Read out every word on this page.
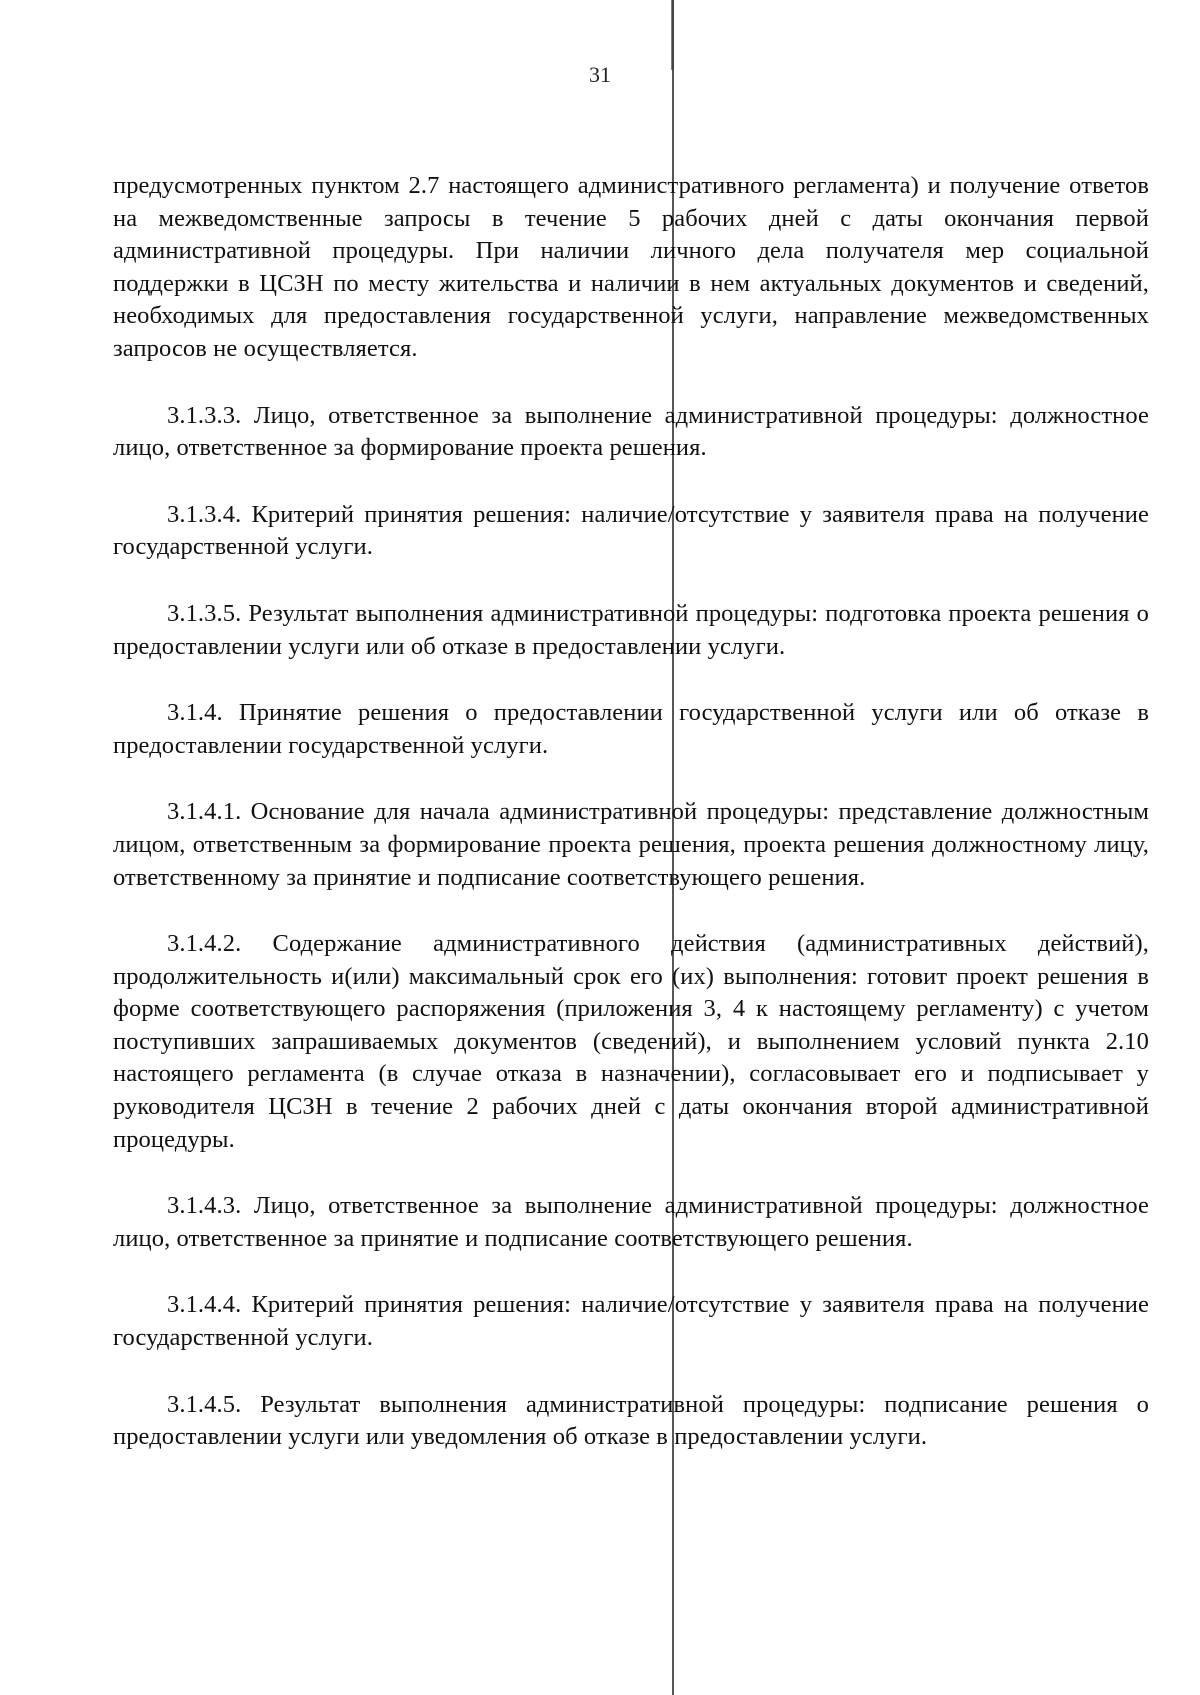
31

предусмотренных пунктом 2.7 настоящего административного регламента) и получение ответов на межведомственные запросы в течение 5 рабочих дней с даты окончания первой административной процедуры. При наличии личного дела получателя мер социальной поддержки в ЦСЗН по месту жительства и наличии в нем актуальных документов и сведений, необходимых для предоставления государственной услуги, направление межведомственных запросов не осуществляется.

3.1.3.3. Лицо, ответственное за выполнение административной процедуры: должностное лицо, ответственное за формирование проекта решения.

3.1.3.4. Критерий принятия решения: наличие/отсутствие у заявителя права на получение государственной услуги.

3.1.3.5. Результат выполнения административной процедуры: подготовка проекта решения о предоставлении услуги или об отказе в предоставлении услуги.

3.1.4. Принятие решения о предоставлении государственной услуги или об отказе в предоставлении государственной услуги.

3.1.4.1. Основание для начала административной процедуры: представление должностным лицом, ответственным за формирование проекта решения, проекта решения должностному лицу, ответственному за принятие и подписание соответствующего решения.

3.1.4.2. Содержание административного действия (административных действий), продолжительность и(или) максимальный срок его (их) выполнения: готовит проект решения в форме соответствующего распоряжения (приложения 3, 4 к настоящему регламенту) с учетом поступивших запрашиваемых документов (сведений), и выполнением условий пункта 2.10 настоящего регламента (в случае отказа в назначении), согласовывает его и подписывает у руководителя ЦСЗН в течение 2 рабочих дней с даты окончания второй административной процедуры.

3.1.4.3. Лицо, ответственное за выполнение административной процедуры: должностное лицо, ответственное за принятие и подписание соответствующего решения.

3.1.4.4. Критерий принятия решения: наличие/отсутствие у заявителя права на получение государственной услуги.

3.1.4.5. Результат выполнения административной процедуры: подписание решения о предоставлении услуги или уведомления об отказе в предоставлении услуги.
